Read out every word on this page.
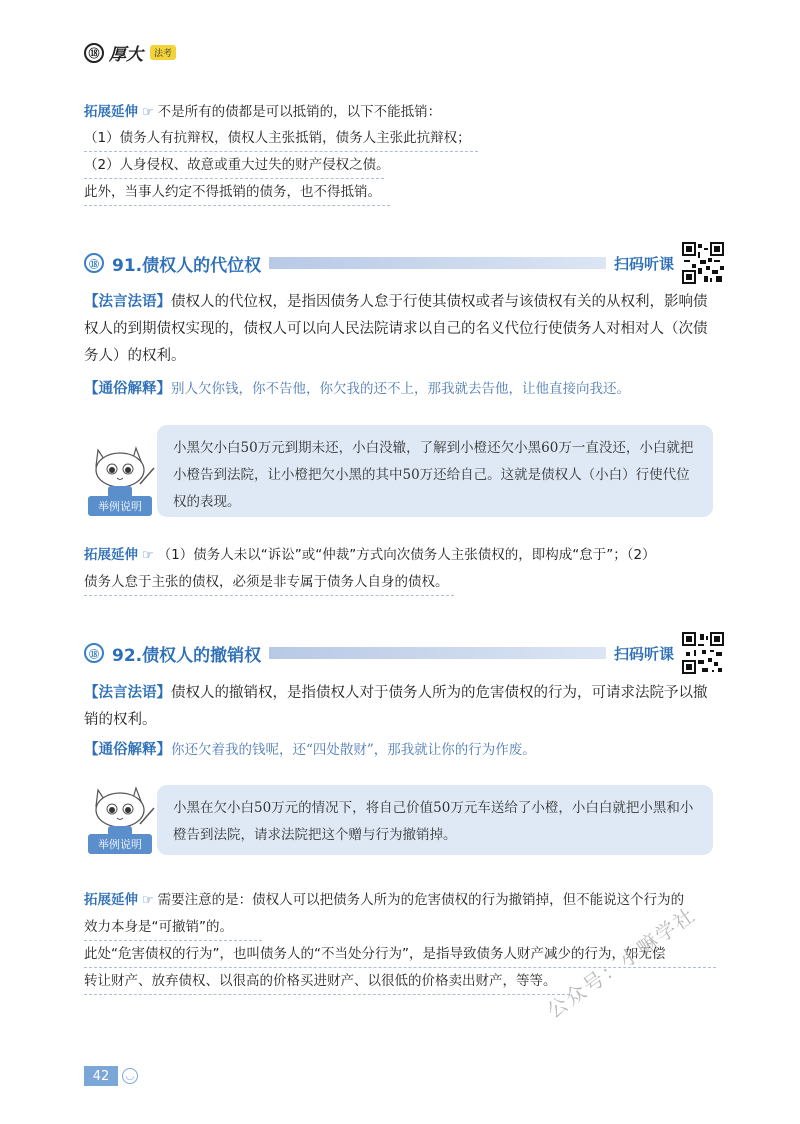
⑱ 厚大	法考
拓展延伸 ☞ 不是所有的债都是可以抵销的，以下不能抵销：
（1）债务人有抗辩权，债权人主张抵销，债务人主张此抗辩权；
（2）人身侵权、故意或重大过失的财产侵权之债。
此外，当事人约定不得抵销的债务，也不得抵销。
⑱ 91.债权人的代位权	扫码听课
【法言法语】债权人的代位权，是指因债务人怠于行使其债权或者与该债权有关的从权利，影响债权人的到期债权实现的，债权人可以向人民法院请求以自己的名义代位行使债务人对相对人（次债务人）的权利。
【通俗解释】别人欠你钱，你不告他，你欠我的还不上，那我就去告他，让他直接向我还。
举例说明
小黑欠小白50万元到期未还，小白没辙，了解到小橙还欠小黑60万一直没还，小白就把小橙告到法院，让小橙把欠小黑的其中50万还给自己。这就是债权人（小白）行使代位权的表现。
拓展延伸 ☞ （1）债务人未以“诉讼”或“仲裁”方式向次债务人主张债权的，即构成“怠于”；（2）
债务人怠于主张的债权，必须是非专属于债务人自身的债权。
⑱ 92.债权人的撤销权	扫码听课
【法言法语】债权人的撤销权，是指债权人对于债务人所为的危害债权的行为，可请求法院予以撤销的权利。
【通俗解释】你还欠着我的钱呢，还“四处散财”，那我就让你的行为作废。
举例说明
小黑在欠小白50万元的情况下，将自己价值50万元车送给了小橙，小白白就把小黑和小橙告到法院，请求法院把这个赠与行为撤销掉。
拓展延伸 ☞ 需要注意的是：债权人可以把债务人所为的危害债权的行为撤销掉，但不能说这个行为的
效力本身是“可撤销”的。
此处“危害债权的行为”，也叫债务人的“不当处分行为”，是指导致债务人财产减少的行为，如无偿
转让财产、放弃债权、以很高的价格买进财产、以很低的价格卖出财产，等等。
公众号：小嘛学社
42	◡
